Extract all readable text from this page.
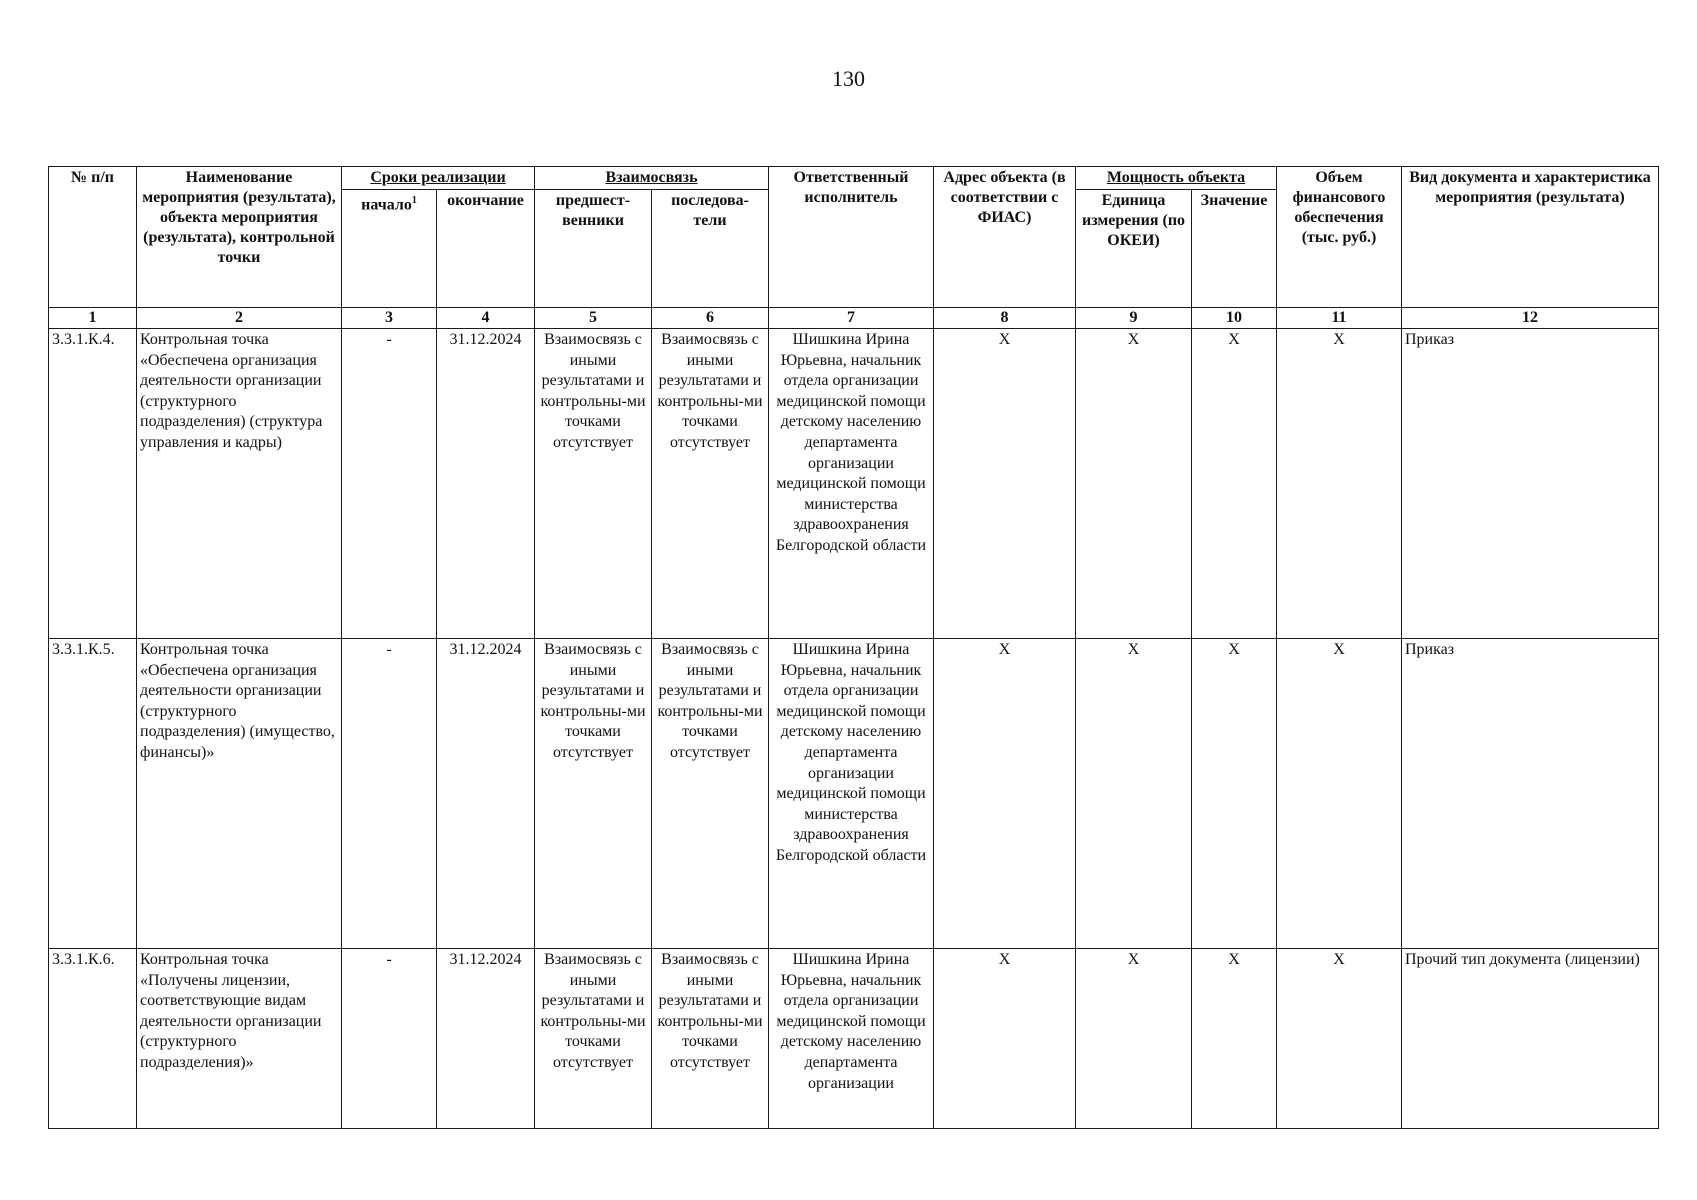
130
№ п/п	Наименование мероприятия (результата), объекта мероприятия (результата), контрольной точки	Сроки реализации		Взаимосвязь		Ответственный исполнитель	Адрес объекта (в соответствии с ФИАС)	Мощность объекта		Объем финансового обеспечения (тыс. руб.)	Вид документа и характеристика мероприятия (результата)
		начало$^1$	окончание	предшест-венники	последова-тели			Единица измерения (по ОКЕИ)	Значение		
1	2	3	4	5	6	7	8	9	10	11	12
3.3.1.К.4.	Контрольная точка «Обеспечена организация деятельности организации (структурного подразделения) (структура управления и кадры)	-	31.12.2024	Взаимосвязь с иными результатами и контрольны-ми точками отсутствует	Взаимосвязь с иными результатами и контрольны-ми точками отсутствует	Шишкина Ирина Юрьевна, начальник отдела организации медицинской помощи детскому населению департамента организации медицинской помощи министерства здравоохранения Белгородской области	Х	Х	Х	Х	Приказ
3.3.1.К.5.	Контрольная точка «Обеспечена организация деятельности организации (структурного подразделения) (имущество, финансы)»	-	31.12.2024	Взаимосвязь с иными результатами и контрольны-ми точками отсутствует	Взаимосвязь с иными результатами и контрольны-ми точками отсутствует	Шишкина Ирина Юрьевна, начальник отдела организации медицинской помощи детскому населению департамента организации медицинской помощи министерства здравоохранения Белгородской области	Х	Х	Х	Х	Приказ
3.3.1.К.6.	Контрольная точка «Получены лицензии, соответствующие видам деятельности организации (структурного подразделения)»	-	31.12.2024	Взаимосвязь с иными результатами и контрольны-ми точками отсутствует	Взаимосвязь с иными результатами и контрольны-ми точками отсутствует	Шишкина Ирина Юрьевна, начальник отдела организации медицинской помощи детскому населению департамента организации	Х	Х	Х	Х	Прочий тип документа (лицензии)
